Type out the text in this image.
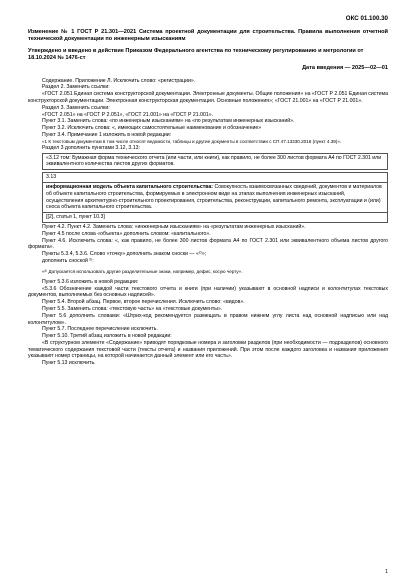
ОКС 01.100.30
Изменение № 1 ГОСТ Р 21.301—2021 Система проектной документации для строительства. Правила выполнения отчетной технической документации по инженерным изысканиям
Утверждено и введено в действие Приказом Федерального агентства по техническому регулированию и метрологии от 18.10.2024 № 1476-ст
Дата введения — 2025—02—01

Содержание. Приложение Л. Исключить слово: «регистрации».

Раздел 2. Заменить ссылки:

«ГОСТ 2.051 Единая система конструкторской документации. Электронные документы. Общие положения» на «ГОСТ Р 2.051 Единая система конструкторской документации. Электронная конструкторская документация. Основные положения»; «ГОСТ 21.001» на «ГОСТ Р 21.001».

Раздел 3. Заменить ссылки:

«ГОСТ 2.051» на «ГОСТ Р 2.051», «ГОСТ 21.001» на «ГОСТ Р 21.001».

Пункт 3.1. Заменить слова: «по инженерным изысканиям» на «по результатам инженерных изысканий».

Пункт 3.2. Исключить слова: «, имеющих самостоятельные наименование и обозначение»

Пункт 3.4. Примечание 1 изложить в новой редакции:

«1 К текстовым документам в том числе относят ведомости, таблицы и другие документы в соответствии с СП 47.13330.2016 (пункт 4.39)».

Раздел 3 дополнить пунктами 3.12, 3.13:

«3.12 том: Бумажная форма технического отчета (или части, или книги), как правило, не более 300 листов формата А4 по ГОСТ 2.301 или эквивалентного количества листов других форматов.
3.13
информационная модель объекта капитального строительства: Совокупность взаимосвязанных сведений, документов и материалов об объекте капитального строительства, формируемых в электронном виде на этапах выполнения инженерных изысканий, осуществления архитектурно-строительного проектирования, строительства, реконструкции, капитального ремонта, эксплуатации и (или) сноса объекта капитального строительства.
[[2], статья 1, пункт 10.3]

Пункт 4.2. Пункт 4.2. Заменить слова: «инженерным изысканиям» на «результатам инженерных изысканий».

Пункт 4.5 после слова «объекта» дополнить словом: «капитального».

Пункт 4.6. Исключить слова: «, как правило, не более 300 листов формата А4 по ГОСТ 2.301 или эквивалентного объема листов другого формата».

Пункты 5.3.4, 5.3.6. Слово «точку» дополнить знаком сноски — «²⁾»;

дополнить сноской ²⁾:

«²⁾ Допускается использовать другие разделительные знаки, например, дефис, косую черту».

Пункт 5.3.6 изложить в новой редакции:

«5.3.6 Обозначение каждой части текстового отчета и книги (при наличии) указывают в основной надписи и колонтитулах текстовых документов, выполняемых без основных надписей».

Пункт 5.4. Второй абзац. Первое, второе перечисления. Исключить слово: «видов».

Пункт 5.5. Заменить слова: «текстовую часть» на «текстовые документы».

Пункт 5.6 дополнить словами: «Штрих-код рекомендуется размещать в правом нижнем углу листа над основной надписью или над колонтитулом».

Пункт 5.7. Последнее перечисление исключить.

Пункт 5.10. Третий абзац изложить в новой редакции:

«В структурном элементе «Содержание» приводят порядковые номера и заголовки разделов (при необходимости — подразделов) основного тематического содержания текстовой части (тексты отчета) и названия приложений. При этом после каждого заголовка и названия приложения указывают номер страницы, на которой начинается данный элемент или его часть».

Пункт 5.13 исключить.

1
